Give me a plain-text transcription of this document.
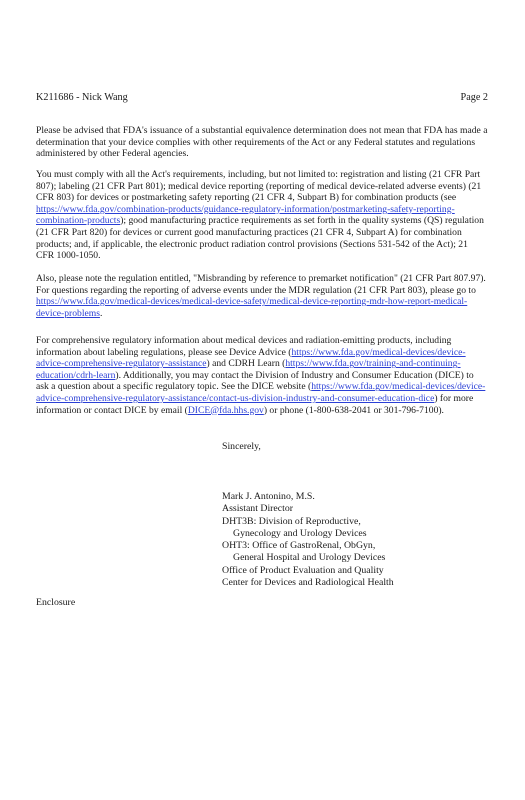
K211686 - Nick Wang	Page 2

Please be advised that FDA's issuance of a substantial equivalence determination does not mean that FDA has made a determination that your device complies with other requirements of the Act or any Federal statutes and regulations administered by other Federal agencies.

You must comply with all the Act's requirements, including, but not limited to: registration and listing (21 CFR Part 807); labeling (21 CFR Part 801); medical device reporting (reporting of medical device-related adverse events) (21 CFR 803) for devices or postmarketing safety reporting (21 CFR 4, Subpart B) for combination products (see https://www.fda.gov/combination-products/guidance-regulatory-information/postmarketing-safety-reporting-combination-products); good manufacturing practice requirements as set forth in the quality systems (QS) regulation (21 CFR Part 820) for devices or current good manufacturing practices (21 CFR 4, Subpart A) for combination products; and, if applicable, the electronic product radiation control provisions (Sections 531-542 of the Act); 21 CFR 1000-1050.

Also, please note the regulation entitled, "Misbranding by reference to premarket notification" (21 CFR Part 807.97). For questions regarding the reporting of adverse events under the MDR regulation (21 CFR Part 803), please go to https://www.fda.gov/medical-devices/medical-device-safety/medical-device-reporting-mdr-how-report-medical-device-problems.

For comprehensive regulatory information about medical devices and radiation-emitting products, including information about labeling regulations, please see Device Advice (https://www.fda.gov/medical-devices/device-advice-comprehensive-regulatory-assistance) and CDRH Learn (https://www.fda.gov/training-and-continuing-education/cdrh-learn). Additionally, you may contact the Division of Industry and Consumer Education (DICE) to ask a question about a specific regulatory topic. See the DICE website (https://www.fda.gov/medical-devices/device-advice-comprehensive-regulatory-assistance/contact-us-division-industry-and-consumer-education-dice) for more information or contact DICE by email (DICE@fda.hhs.gov) or phone (1-800-638-2041 or 301-796-7100).

Sincerely,
Mark J. Antonino, M.S.
Assistant Director
DHT3B: Division of Reproductive,
Gynecology and Urology Devices
OHT3: Office of GastroRenal, ObGyn,
General Hospital and Urology Devices
Office of Product Evaluation and Quality
Center for Devices and Radiological Health
Enclosure
